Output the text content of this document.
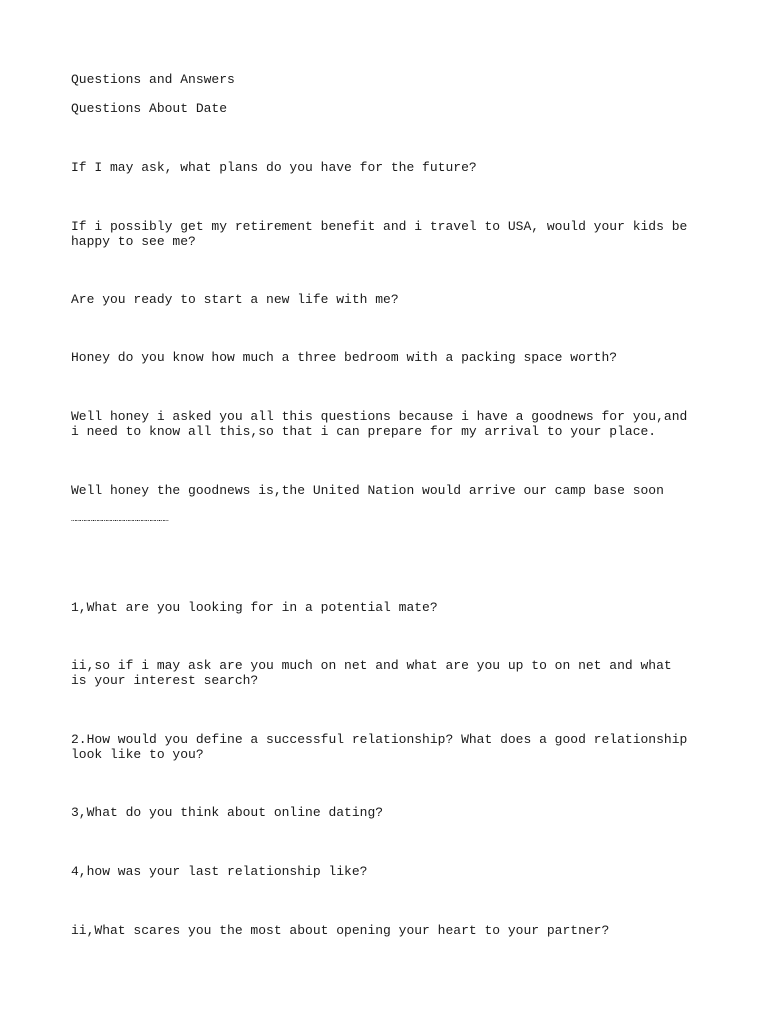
Questions and Answers

Questions About Date

If I may ask, what plans do you have for the future?

If i possibly get my retirement benefit and i travel to USA, would your kids be happy to see me?

Are you ready to start a new life with me?

Honey do you know how much a three bedroom with a packing space worth?

Well honey i asked you all this questions because i have a goodnews for you,and i need to know all this,so that i can prepare for my arrival to your place.

Well honey the goodnews is,the United Nation would arrive our camp base soon

…………………………………………………………

1,What are you looking for in a potential mate?

ii,so if i may ask are you much on net and what are you up to on net and what is your interest search?

2.How would you define a successful relationship? What does a good relationship look like to you?

3,What do you think about online dating?

4,how was your last relationship like?

ii,What scares you the most about opening your heart to your partner?
